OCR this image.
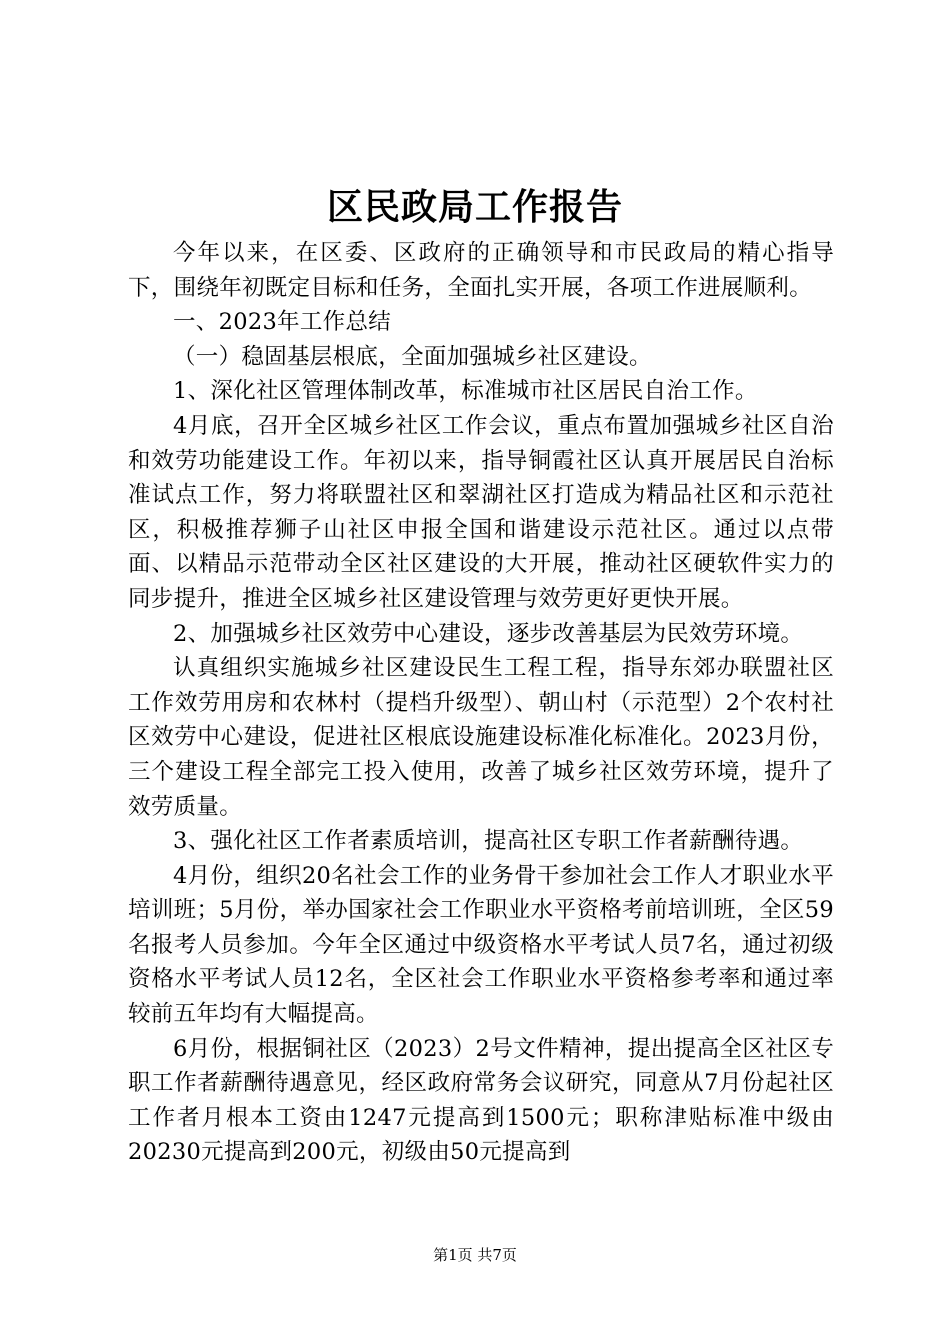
区民政局工作报告

今年以来，在区委、区政府的正确领导和市民政局的精心指导下，围绕年初既定目标和任务，全面扎实开展，各项工作进展顺利。

一、2023年工作总结

（一）稳固基层根底，全面加强城乡社区建设。

1、深化社区管理体制改革，标准城市社区居民自治工作。

4月底，召开全区城乡社区工作会议，重点布置加强城乡社区自治和效劳功能建设工作。年初以来，指导铜霞社区认真开展居民自治标准试点工作，努力将联盟社区和翠湖社区打造成为精品社区和示范社区，积极推荐狮子山社区申报全国和谐建设示范社区。通过以点带面、以精品示范带动全区社区建设的大开展，推动社区硬软件实力的同步提升，推进全区城乡社区建设管理与效劳更好更快开展。

2、加强城乡社区效劳中心建设，逐步改善基层为民效劳环境。

认真组织实施城乡社区建设民生工程工程，指导东郊办联盟社区工作效劳用房和农林村（提档升级型）、朝山村（示范型）2个农村社区效劳中心建设，促进社区根底设施建设标准化标准化。2023月份，三个建设工程全部完工投入使用，改善了城乡社区效劳环境，提升了效劳质量。

3、强化社区工作者素质培训，提高社区专职工作者薪酬待遇。

4月份，组织20名社会工作的业务骨干参加社会工作人才职业水平培训班；5月份，举办国家社会工作职业水平资格考前培训班，全区59名报考人员参加。今年全区通过中级资格水平考试人员7名，通过初级资格水平考试人员12名，全区社会工作职业水平资格参考率和通过率较前五年均有大幅提高。

6月份，根据铜社区（2023）2号文件精神，提出提高全区社区专职工作者薪酬待遇意见，经区政府常务会议研究，同意从7月份起社区工作者月根本工资由1247元提高到1500元；职称津贴标准中级由20230元提高到200元，初级由50元提高到

第1页 共7页
